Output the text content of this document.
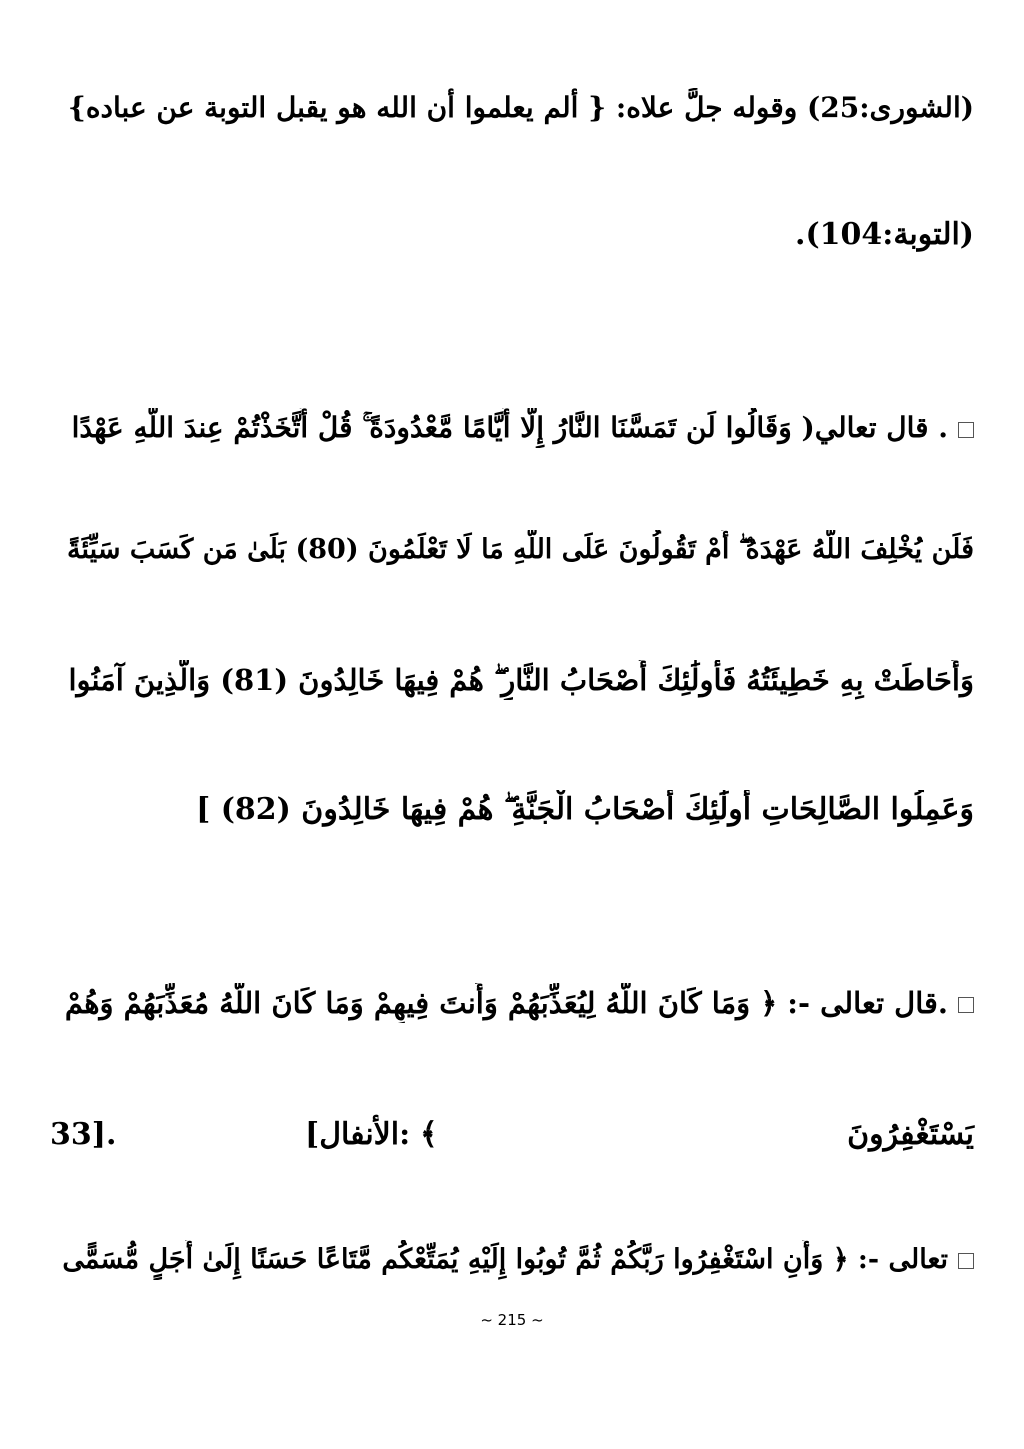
(الشورى:25) وقوله جلَّ علاه: { ألم يعلموا أن الله هو يقبل التوبة عن عباده}
(التوبة:104).
. قال تعالي( وَقَالُوا لَن تَمَسَّنَا النَّارُ إِلَّا أَيَّامًا مَّعْدُودَةً ۚ قُلْ أَتَّخَذْتُمْ عِندَ اللَّهِ عَهْدًا
فَلَن يُخْلِفَ اللَّهُ عَهْدَهُ ۖ أَمْ تَقُولُونَ عَلَى اللَّهِ مَا لَا تَعْلَمُونَ (80) بَلَىٰ مَن كَسَبَ سَيِّئَةً
وَأَحَاطَتْ بِهِ خَطِيئَتُهُ فَأُولَٰئِكَ أَصْحَابُ النَّارِ ۖ هُمْ فِيهَا خَالِدُونَ (81) وَالَّذِينَ آمَنُوا
وَعَمِلُوا الصَّالِحَاتِ أُولَٰئِكَ أَصْحَابُ الْجَنَّةِ ۖ هُمْ فِيهَا خَالِدُونَ (82) ]
.قال تعالى -: ﴿ وَمَا كَانَ اللَّهُ لِيُعَذِّبَهُمْ وَأَنتَ فِيهِمْ وَمَا كَانَ اللَّهُ مُعَذِّبَهُمْ وَهُمْ
يَسْتَغْفِرُونَ
﴾
[الأنفال:
33].
تعالى -: ﴿ وَأَنِ اسْتَغْفِرُوا رَبَّكُمْ ثُمَّ تُوبُوا إِلَيْهِ يُمَتِّعْكُم مَّتَاعًا حَسَنًا إِلَىٰ أَجَلٍ مُّسَمًّى
~ 215 ~
